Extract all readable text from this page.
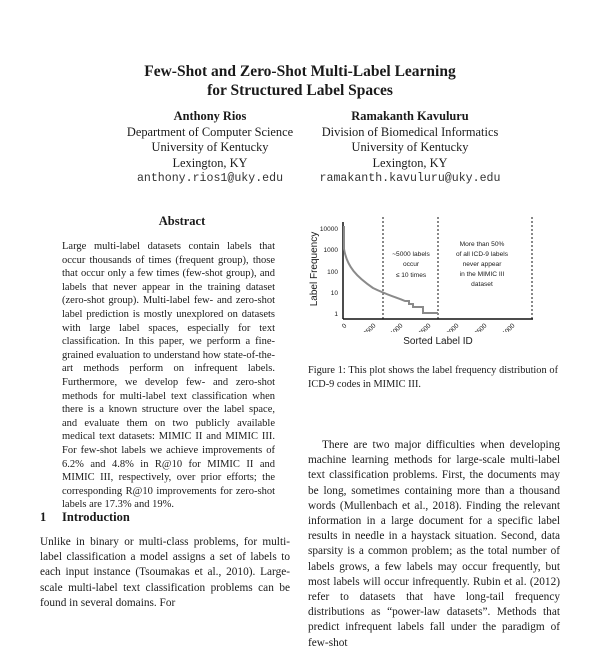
Few-Shot and Zero-Shot Multi-Label Learning
for Structured Label Spaces
Anthony Rios
Department of Computer Science
University of Kentucky
Lexington, KY
anthony.rios1@uky.edu
Ramakanth Kavuluru
Division of Biomedical Informatics
University of Kentucky
Lexington, KY
ramakanth.kavuluru@uky.edu
Abstract

Large multi-label datasets contain labels that occur thousands of times (frequent group), those that occur only a few times (few-shot group), and labels that never appear in the training dataset (zero-shot group). Multi-label few- and zero-shot label prediction is mostly unexplored on datasets with large label spaces, especially for text classification. In this paper, we perform a fine-grained evaluation to understand how state-of-the-art methods perform on infrequent labels. Furthermore, we develop few- and zero-shot methods for multi-label text classification when there is a known structure over the label space, and evaluate them on two publicly available medical text datasets: MIMIC II and MIMIC III. For few-shot labels we achieve improvements of 6.2% and 4.8% in R@10 for MIMIC II and MIMIC III, respectively, over prior efforts; the corresponding R@10 improvements for zero-shot labels are 17.3% and 19%.

1 Introduction

Unlike in binary or multi-class problems, for multi-label classification a model assigns a set of labels to each input instance (Tsoumakas et al., 2010). Large-scale multi-label text classification problems can be found in several domains. For

Label Frequency
10000
1000
100
10
1
~5000 labels
occur
≤ 10 times
More than 50%
of all ICD-9 labels
never appear
in the MIMIC III
dataset
0 2500 5000 7500 10000 12500 15000
Sorted Label ID

Figure 1: This plot shows the label frequency distribution of ICD-9 codes in MIMIC III.

There are two major difficulties when developing machine learning methods for large-scale multi-label text classification problems. First, the documents may be long, sometimes containing more than a thousand words (Mullenbach et al., 2018). Finding the relevant information in a large document for a specific label results in needle in a haystack situation. Second, data sparsity is a common problem; as the total number of labels grows, a few labels may occur frequently, but most labels will occur infrequently. Rubin et al. (2012) refer to datasets that have long-tail frequency distributions as “power-law datasets”. Methods that predict infrequent labels fall under the paradigm of few-shot
